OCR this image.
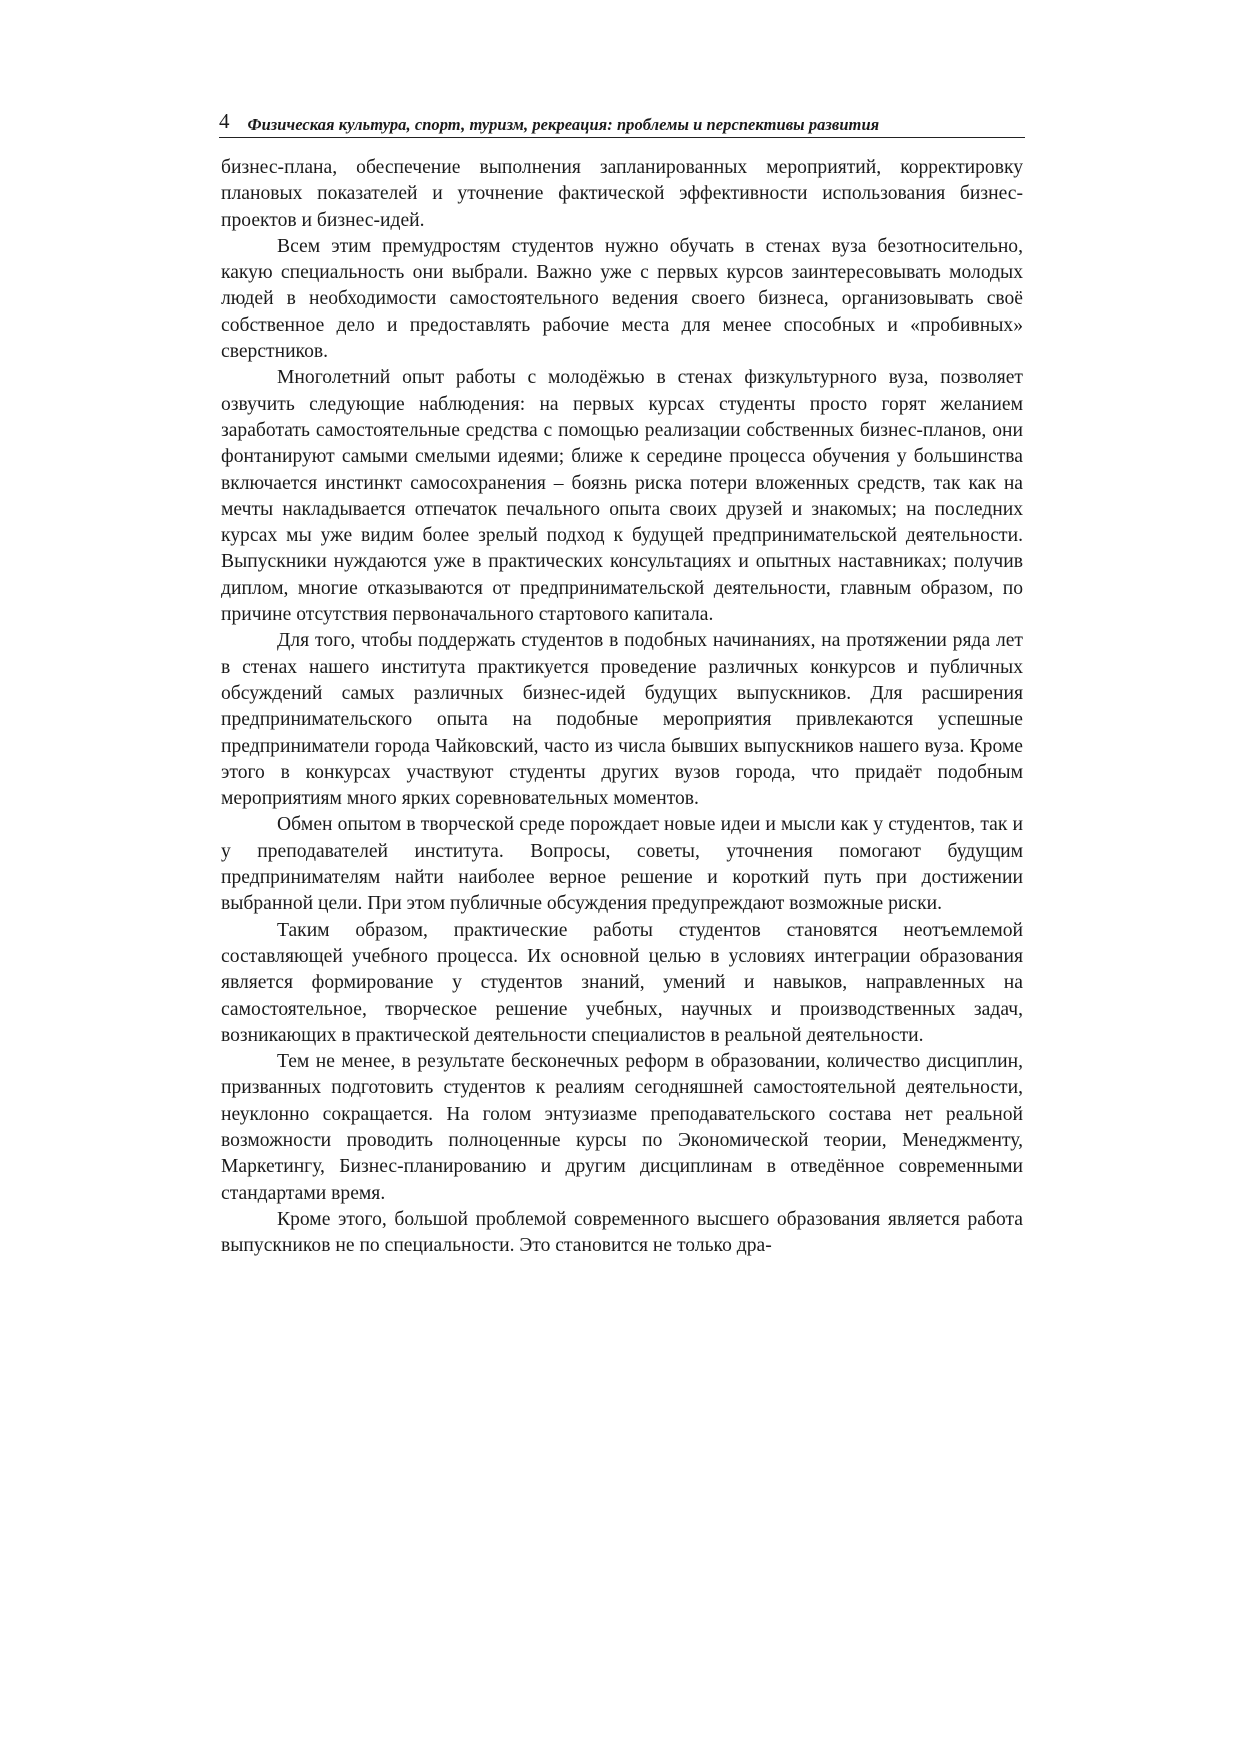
4 Физическая культура, спорт, туризм, рекреация: проблемы и перспективы развития

бизнес-плана, обеспечение выполнения запланированных мероприятий, корректировку плановых показателей и уточнение фактической эффективности использования бизнес-проектов и бизнес-идей.

Всем этим премудростям студентов нужно обучать в стенах вуза безотносительно, какую специальность они выбрали. Важно уже с первых курсов заинтересовывать молодых людей в необходимости самостоятельного ведения своего бизнеса, организовывать своё собственное дело и предоставлять рабочие места для менее способных и «пробивных» сверстников.

Многолетний опыт работы с молодёжью в стенах физкультурного вуза, позволяет озвучить следующие наблюдения: на первых курсах студенты просто горят желанием заработать самостоятельные средства с помощью реализации собственных бизнес-планов, они фонтанируют самыми смелыми идеями; ближе к середине процесса обучения у большинства включается инстинкт самосохранения – боязнь риска потери вложенных средств, так как на мечты накладывается отпечаток печального опыта своих друзей и знакомых; на последних курсах мы уже видим более зрелый подход к будущей предпринимательской деятельности. Выпускники нуждаются уже в практических консультациях и опытных наставниках; получив диплом, многие отказываются от предпринимательской деятельности, главным образом, по причине отсутствия первоначального стартового капитала.

Для того, чтобы поддержать студентов в подобных начинаниях, на протяжении ряда лет в стенах нашего института практикуется проведение различных конкурсов и публичных обсуждений самых различных бизнес-идей будущих выпускников. Для расширения предпринимательского опыта на подобные мероприятия привлекаются успешные предприниматели города Чайковский, часто из числа бывших выпускников нашего вуза. Кроме этого в конкурсах участвуют студенты других вузов города, что придаёт подобным мероприятиям много ярких соревновательных моментов.

Обмен опытом в творческой среде порождает новые идеи и мысли как у студентов, так и у преподавателей института. Вопросы, советы, уточнения помогают будущим предпринимателям найти наиболее верное решение и короткий путь при достижении выбранной цели. При этом публичные обсуждения предупреждают возможные риски.

Таким образом, практические работы студентов становятся неотъемлемой составляющей учебного процесса. Их основной целью в условиях интеграции образования является формирование у студентов знаний, умений и навыков, направленных на самостоятельное, творческое решение учебных, научных и производственных задач, возникающих в практической деятельности специалистов в реальной деятельности.

Тем не менее, в результате бесконечных реформ в образовании, количество дисциплин, призванных подготовить студентов к реалиям сегодняшней самостоятельной деятельности, неуклонно сокращается. На голом энтузиазме преподавательского состава нет реальной возможности проводить полноценные курсы по Экономической теории, Менеджменту, Маркетингу, Бизнес-планированию и другим дисциплинам в отведённое современными стандартами время.

Кроме этого, большой проблемой современного высшего образования является работа выпускников не по специальности. Это становится не только дра-
